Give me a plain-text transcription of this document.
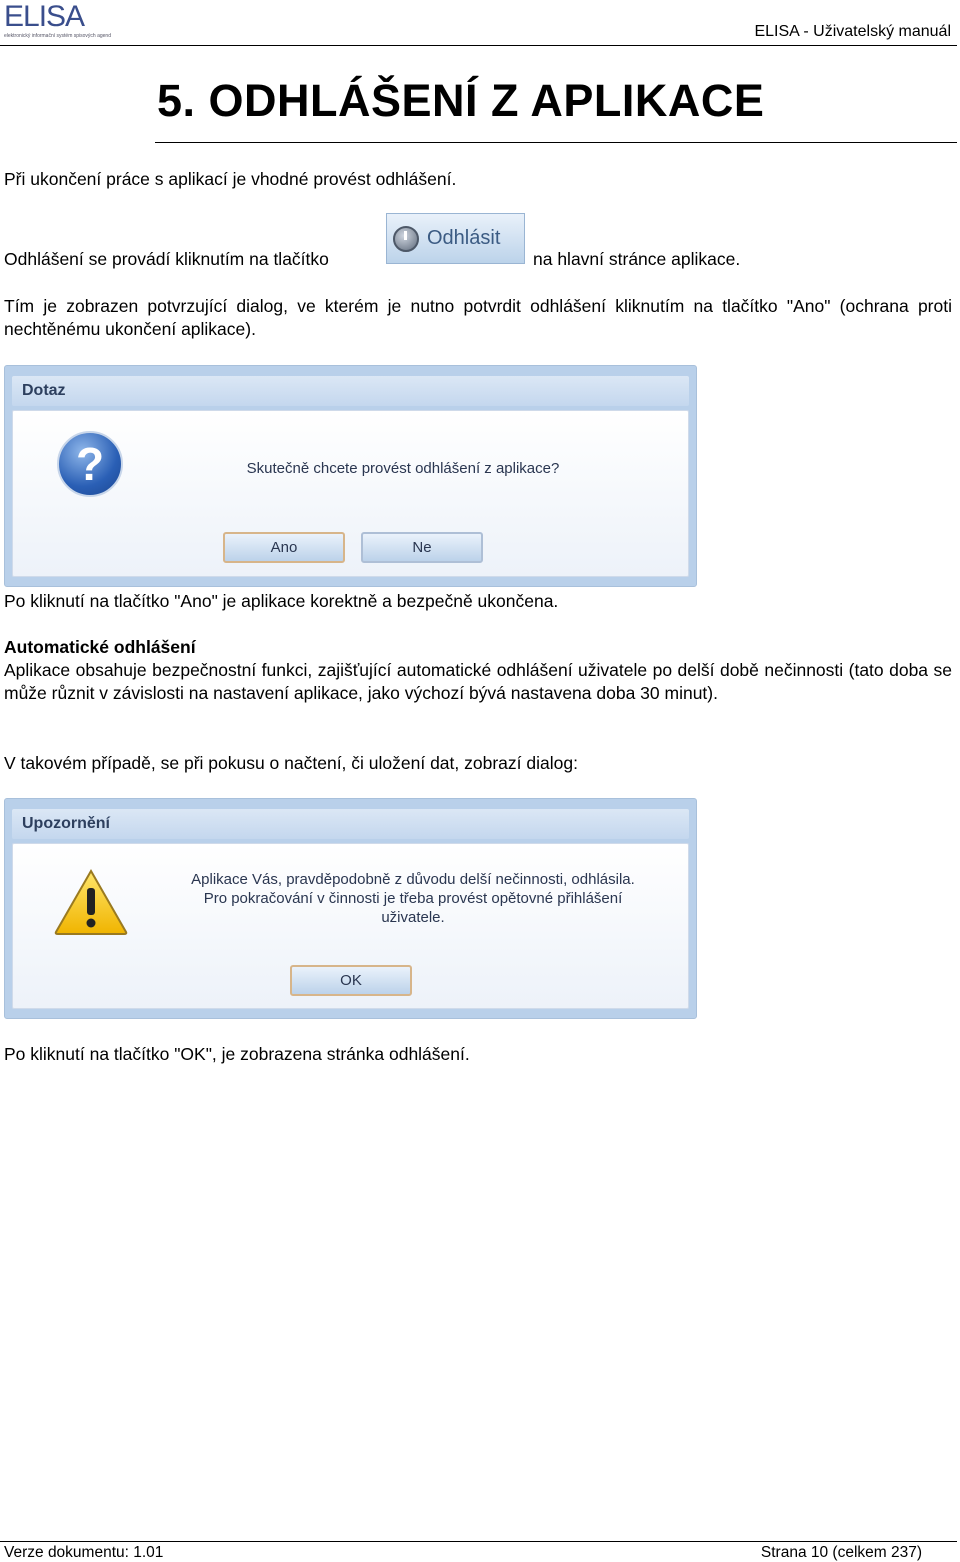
ELISA
elektronický informační systém spisových agend	ELISA - Uživatelský manuál
5. ODHLÁŠENÍ Z APLIKACE
Při ukončení práce s aplikací je vhodné provést odhlášení.
Odhlášení se provádí kliknutím na tlačítko
Odhlásit
na hlavní stránce aplikace.
Tím je zobrazen potvrzující dialog, ve kterém je nutno potvrdit odhlášení kliknutím na tlačítko "Ano" (ochrana proti nechtěnému ukončení aplikace).
Dotaz
?	Skutečně chcete provést odhlášení z aplikace?
Ano	Ne
Po kliknutí na tlačítko "Ano" je aplikace korektně a bezpečně ukončena.
Automatické odhlášení
Aplikace obsahuje bezpečnostní funkci, zajišťující automatické odhlášení uživatele po delší době nečinnosti (tato doba se může různit v závislosti na nastavení aplikace, jako výchozí bývá nastavena doba 30 minut).
V takovém případě, se při pokusu o načtení, či uložení dat, zobrazí dialog:
Upozornění
Aplikace Vás, pravděpodobně z důvodu delší nečinnosti, odhlásila.
Pro pokračování v činnosti je třeba provést opětovné přihlášení
uživatele.
OK
Po kliknutí na tlačítko "OK", je zobrazena stránka odhlášení.
Verze dokumentu: 1.01	Strana 10 (celkem 237)
